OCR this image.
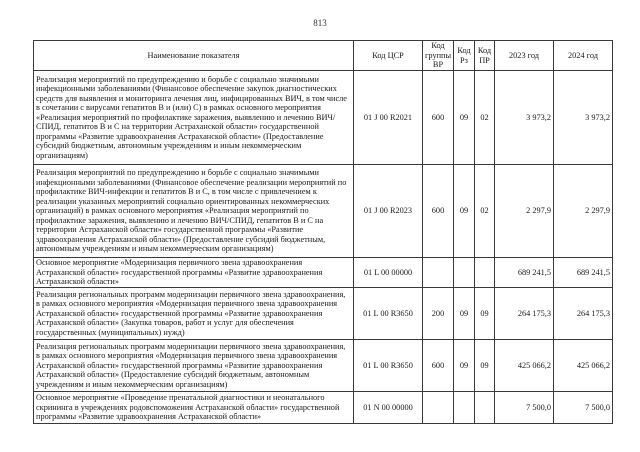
813
Наименование показателя	Код ЦСР	Код группы ВР	Код Рз	Код ПР	2023 год	2024 год
Реализация мероприятий по предупреждению и борьбе с социально значимыми инфекционными заболеваниями (Финансовое обеспечение закупок диагностических средств для выявления и мониторинга лечения лиц, инфицированных ВИЧ, в том числе в сочетании с вирусами гепатитов В и (или) С) в рамках основного мероприятия «Реализация мероприятий по профилактике заражения, выявлению и лечению ВИЧ/СПИД, гепатитов В и С на территории Астраханской области» государственной программы «Развитие здравоохранения Астраханской области» (Предоставление субсидий бюджетным, автономным учреждениям и иным некоммерческим организациям)	01 J 00 R2021	600	09	02	3 973,2	3 973,2
Реализация мероприятий по предупреждению и борьбе с социально значимыми инфекционными заболеваниями (Финансовое обеспечение реализации мероприятий по профилактике ВИЧ-инфекции и гепатитов В и С, в том числе с привлечением к реализации указанных мероприятий социально ориентированных некоммерческих организаций) в рамках основного мероприятия «Реализация мероприятий по профилактике заражения, выявлению и лечению ВИЧ/СПИД, гепатитов В и С на территории Астраханской области» государственной программы «Развитие здравоохранения Астраханской области» (Предоставление субсидий бюджетным, автономным учреждениям и иным некоммерческим организациям)	01 J 00 R2023	600	09	02	2 297,9	2 297,9
Основное мероприятие «Модернизация первичного звена здравоохранения Астраханской области» государственной программы «Развитие здравоохранения Астраханской области»	01 L 00 00000				689 241,5	689 241,5
Реализация региональных программ модернизации первичного звена здравоохранения, в рамках основного мероприятия «Модернизация первичного звена здравоохранения Астраханской области» государственной программы «Развитие здравоохранения Астраханской области» (Закупка товаров, работ и услуг для обеспечения государственных (муниципальных) нужд)	01 L 00 R3650	200	09	09	264 175,3	264 175,3
Реализация региональных программ модернизации первичного звена здравоохранения, в рамках основного мероприятия «Модернизация первичного звена здравоохранения Астраханской области» государственной программы «Развитие здравоохранения Астраханской области» (Предоставление субсидий бюджетным, автономным учреждениям и иным некоммерческим организациям)	01 L 00 R3650	600	09	09	425 066,2	425 066,2
Основное мероприятие «Проведение пренатальной диагностики и неонатального скрининга в учреждениях родовспоможения Астраханской области» государственной программы «Развитие здравоохранения Астраханской области»	01 N 00 00000				7 500,0	7 500,0
